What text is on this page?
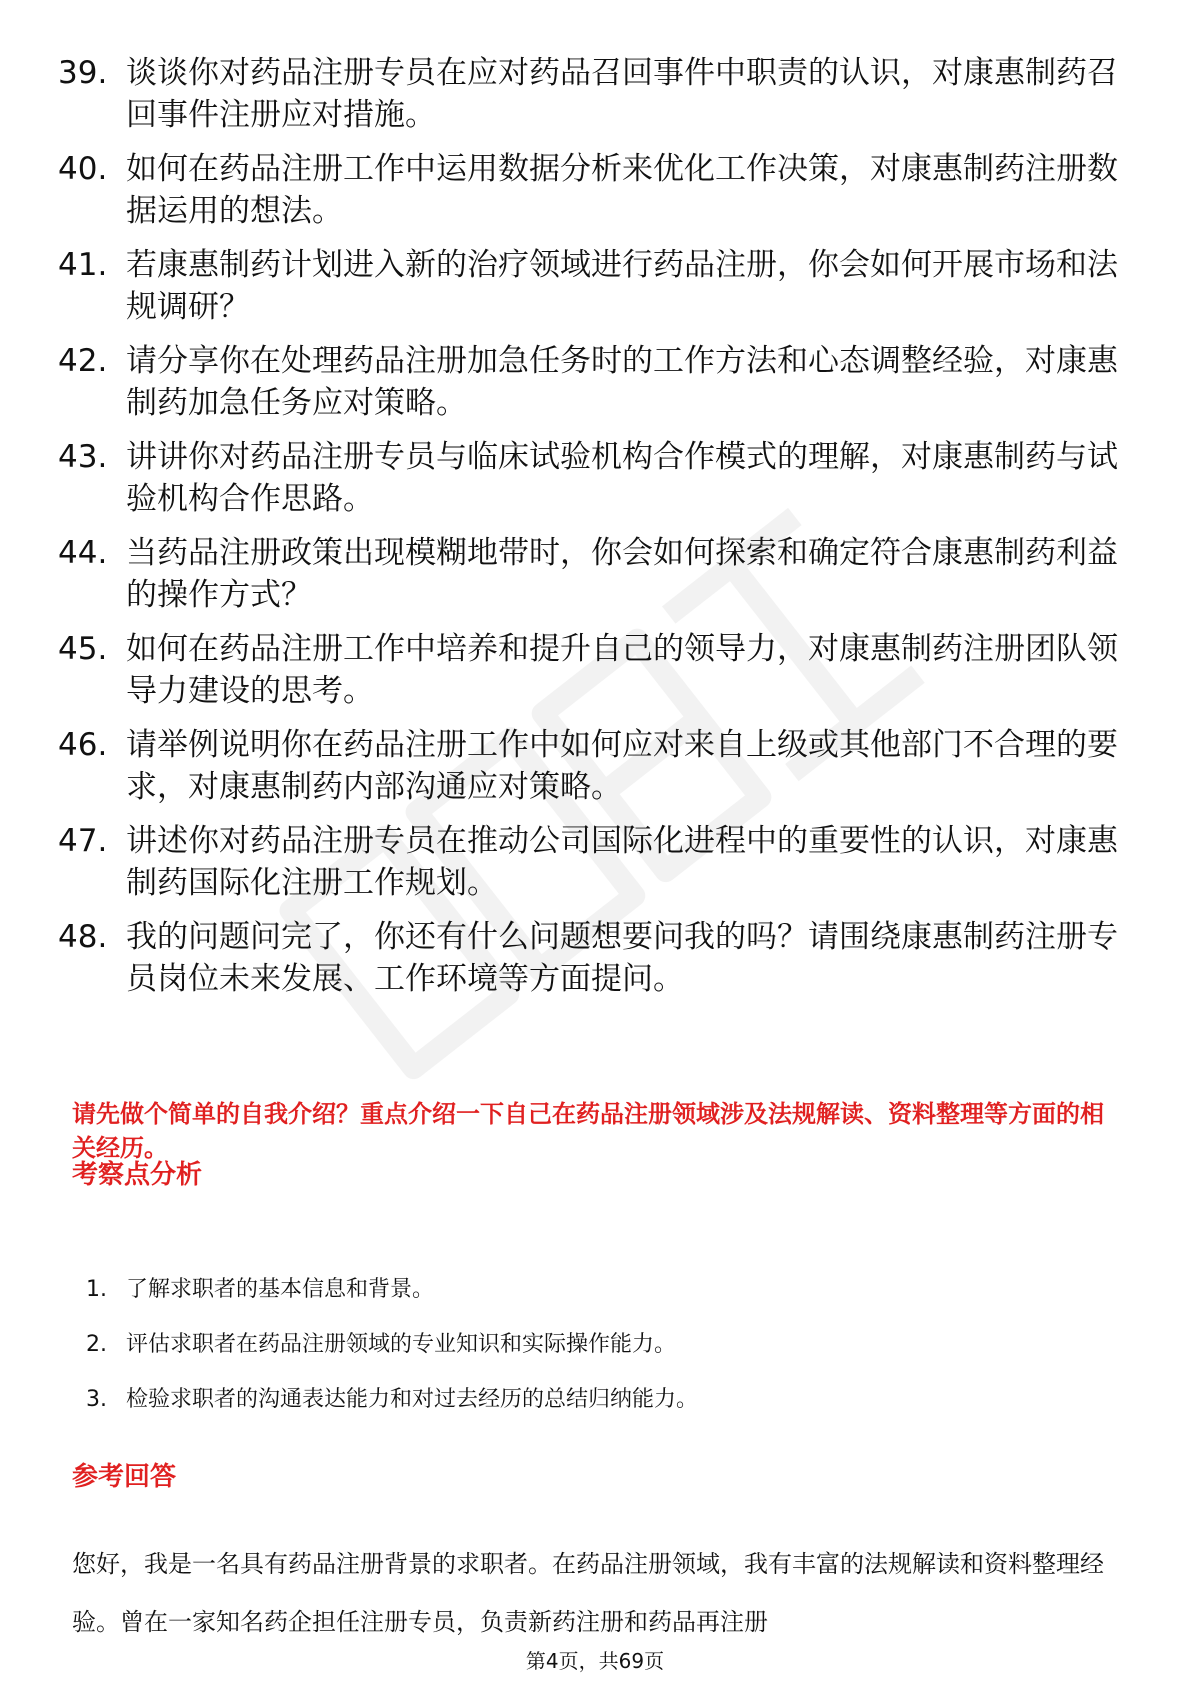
39. 谈谈你对药品注册专员在应对药品召回事件中职责的认识，对康惠制药召回事件注册应对措施。
40. 如何在药品注册工作中运用数据分析来优化工作决策，对康惠制药注册数据运用的想法。
41. 若康惠制药计划进入新的治疗领域进行药品注册，你会如何开展市场和法规调研？
42. 请分享你在处理药品注册加急任务时的工作方法和心态调整经验，对康惠制药加急任务应对策略。
43. 讲讲你对药品注册专员与临床试验机构合作模式的理解，对康惠制药与试验机构合作思路。
44. 当药品注册政策出现模糊地带时，你会如何探索和确定符合康惠制药利益的操作方式？
45. 如何在药品注册工作中培养和提升自己的领导力，对康惠制药注册团队领导力建设的思考。
46. 请举例说明你在药品注册工作中如何应对来自上级或其他部门不合理的要求，对康惠制药内部沟通应对策略。
47. 讲述你对药品注册专员在推动公司国际化进程中的重要性的认识，对康惠制药国际化注册工作规划。
48. 我的问题问完了，你还有什么问题想要问我的吗？请围绕康惠制药注册专员岗位未来发展、工作环境等方面提问。
请先做个简单的自我介绍？重点介绍一下自己在药品注册领域涉及法规解读、资料整理等方面的相关经历。
考察点分析
1. 了解求职者的基本信息和背景。
2. 评估求职者在药品注册领域的专业知识和实际操作能力。
3. 检验求职者的沟通表达能力和对过去经历的总结归纳能力。
参考回答

您好，我是一名具有药品注册背景的求职者。在药品注册领域，我有丰富的法规解读和资料整理经验。曾在一家知名药企担任注册专员，负责新药注册和药品再注册

第4页，共69页
